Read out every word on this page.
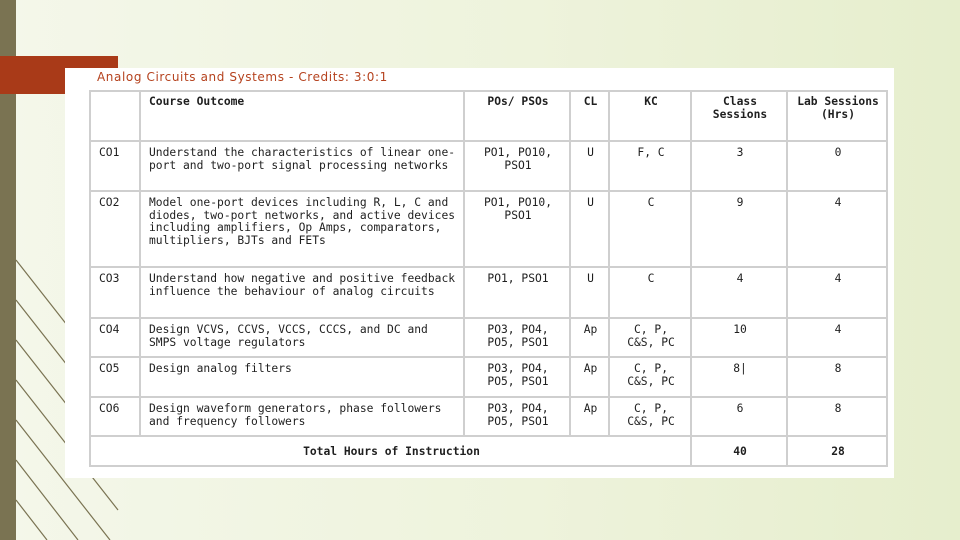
Analog Circuits and Systems - Credits: 3:0:1
	Course Outcome	POs/ PSOs	CL	KC	Class Sessions	Lab Sessions (Hrs)
CO1	Understand the characteristics of linear one-port and two-port signal processing networks	PO1, PO10, PSO1	U	F, C	3	0
CO2	Model one-port devices including R, L, C and diodes, two-port networks, and active devices including amplifiers, Op Amps, comparators, multipliers, BJTs and FETs	PO1, PO10, PSO1	U	C	9	4
CO3	Understand how negative and positive feedback influence the behaviour of analog circuits	PO1, PSO1	U	C	4	4
CO4	Design VCVS, CCVS, VCCS, CCCS, and DC and SMPS voltage regulators	PO3, PO4, PO5, PSO1	Ap	C, P, C&S, PC	10	4
CO5	Design analog filters	PO3, PO4, PO5, PSO1	Ap	C, P, C&S, PC	8|	8
CO6	Design waveform generators, phase followers and frequency followers	PO3, PO4, PO5, PSO1	Ap	C, P, C&S, PC	6	8
Total Hours of Instruction					40	28
